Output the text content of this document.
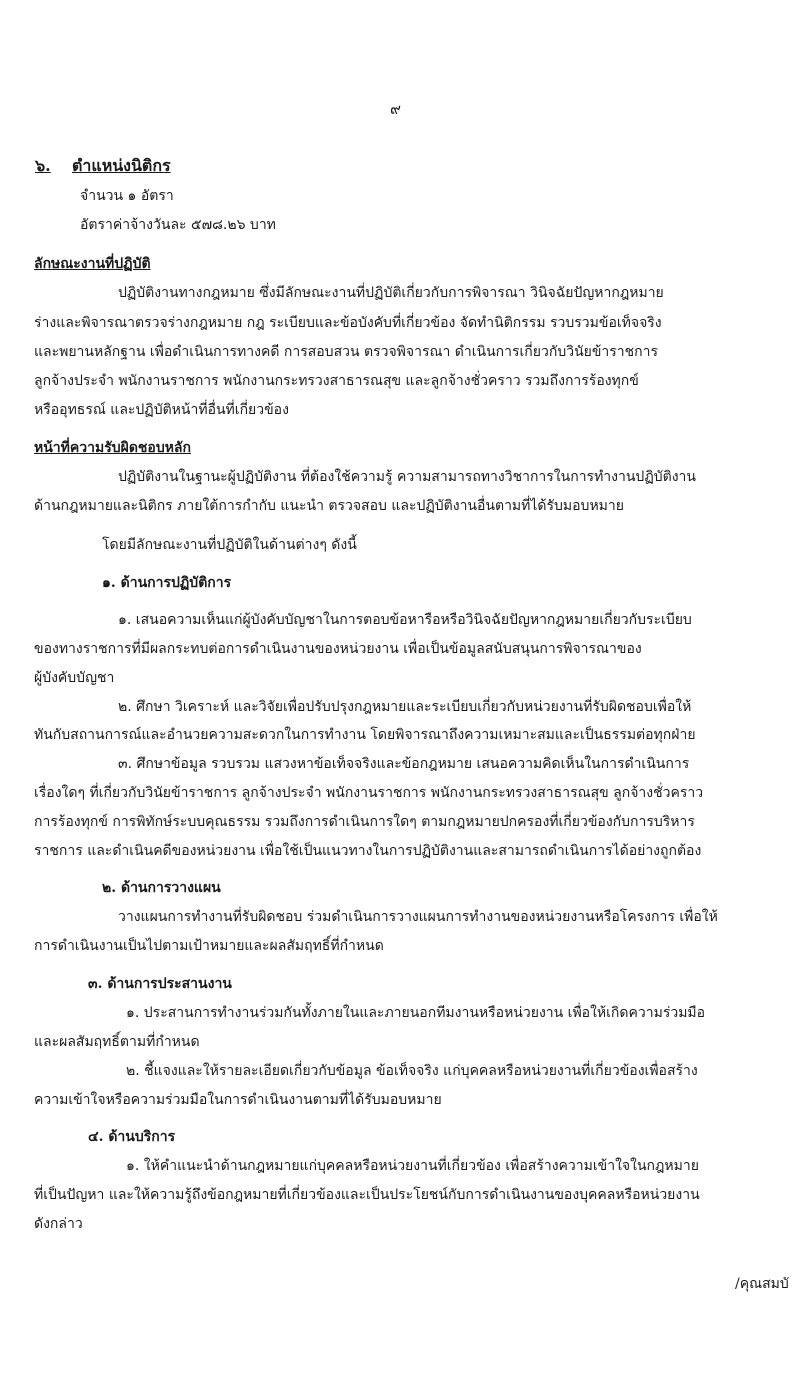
๙
๖. ตำแหน่งนิติกร
จำนวน ๑ อัตรา
อัตราค่าจ้างวันละ ๕๗๘.๒๖ บาท
ลักษณะงานที่ปฏิบัติ
ปฏิบัติงานทางกฎหมาย ซึ่งมีลักษณะงานที่ปฏิบัติเกี่ยวกับการพิจารณา วินิจฉัยปัญหากฎหมาย
ร่างและพิจารณาตรวจร่างกฎหมาย กฎ ระเบียบและข้อบังคับที่เกี่ยวข้อง จัดทำนิติกรรม รวบรวมข้อเท็จจริง
และพยานหลักฐาน เพื่อดำเนินการทางคดี การสอบสวน ตรวจพิจารณา ดำเนินการเกี่ยวกับวินัยข้าราชการ
ลูกจ้างประจำ พนักงานราชการ พนักงานกระทรวงสาธารณสุข และลูกจ้างชั่วคราว รวมถึงการร้องทุกข์
หรืออุทธรณ์ และปฏิบัติหน้าที่อื่นที่เกี่ยวข้อง
หน้าที่ความรับผิดชอบหลัก
ปฏิบัติงานในฐานะผู้ปฏิบัติงาน ที่ต้องใช้ความรู้ ความสามารถทางวิชาการในการทำงานปฏิบัติงาน
ด้านกฎหมายและนิติกร ภายใต้การกำกับ แนะนำ ตรวจสอบ และปฏิบัติงานอื่นตามที่ได้รับมอบหมาย
โดยมีลักษณะงานที่ปฏิบัติในด้านต่างๆ ดังนี้
๑. ด้านการปฏิบัติการ
๑. เสนอความเห็นแก่ผู้บังคับบัญชาในการตอบข้อหารือหรือวินิจฉัยปัญหากฎหมายเกี่ยวกับระเบียบ
ของทางราชการที่มีผลกระทบต่อการดำเนินงานของหน่วยงาน เพื่อเป็นข้อมูลสนับสนุนการพิจารณาของ
ผู้บังคับบัญชา
๒. ศึกษา วิเคราะห์ และวิจัยเพื่อปรับปรุงกฎหมายและระเบียบเกี่ยวกับหน่วยงานที่รับผิดชอบเพื่อให้
ทันกับสถานการณ์และอำนวยความสะดวกในการทำงาน โดยพิจารณาถึงความเหมาะสมและเป็นธรรมต่อทุกฝ่าย
๓. ศึกษาข้อมูล รวบรวม แสวงหาข้อเท็จจริงและข้อกฎหมาย เสนอความคิดเห็นในการดำเนินการ
เรื่องใดๆ ที่เกี่ยวกับวินัยข้าราชการ ลูกจ้างประจำ พนักงานราชการ พนักงานกระทรวงสาธารณสุข ลูกจ้างชั่วคราว
การร้องทุกข์ การพิทักษ์ระบบคุณธรรม รวมถึงการดำเนินการใดๆ ตามกฎหมายปกครองที่เกี่ยวข้องกับการบริหาร
ราชการ และดำเนินคดีของหน่วยงาน เพื่อใช้เป็นแนวทางในการปฏิบัติงานและสามารถดำเนินการได้อย่างถูกต้อง
๒. ด้านการวางแผน
วางแผนการทำงานที่รับผิดชอบ ร่วมดำเนินการวางแผนการทำงานของหน่วยงานหรือโครงการ เพื่อให้
การดำเนินงานเป็นไปตามเป้าหมายและผลสัมฤทธิ์ที่กำหนด
๓. ด้านการประสานงาน
๑. ประสานการทำงานร่วมกันทั้งภายในและภายนอกทีมงานหรือหน่วยงาน เพื่อให้เกิดความร่วมมือ
และผลสัมฤทธิ์ตามที่กำหนด
๒. ชี้แจงและให้รายละเอียดเกี่ยวกับข้อมูล ข้อเท็จจริง แก่บุคคลหรือหน่วยงานที่เกี่ยวข้องเพื่อสร้าง
ความเข้าใจหรือความร่วมมือในการดำเนินงานตามที่ได้รับมอบหมาย
๔. ด้านบริการ
๑. ให้คำแนะนำด้านกฎหมายแก่บุคคลหรือหน่วยงานที่เกี่ยวข้อง เพื่อสร้างความเข้าใจในกฎหมาย
ที่เป็นปัญหา และให้ความรู้ถึงข้อกฎหมายที่เกี่ยวข้องและเป็นประโยชน์กับการดำเนินงานของบุคคลหรือหน่วยงาน
ดังกล่าว
/คุณสมบั
